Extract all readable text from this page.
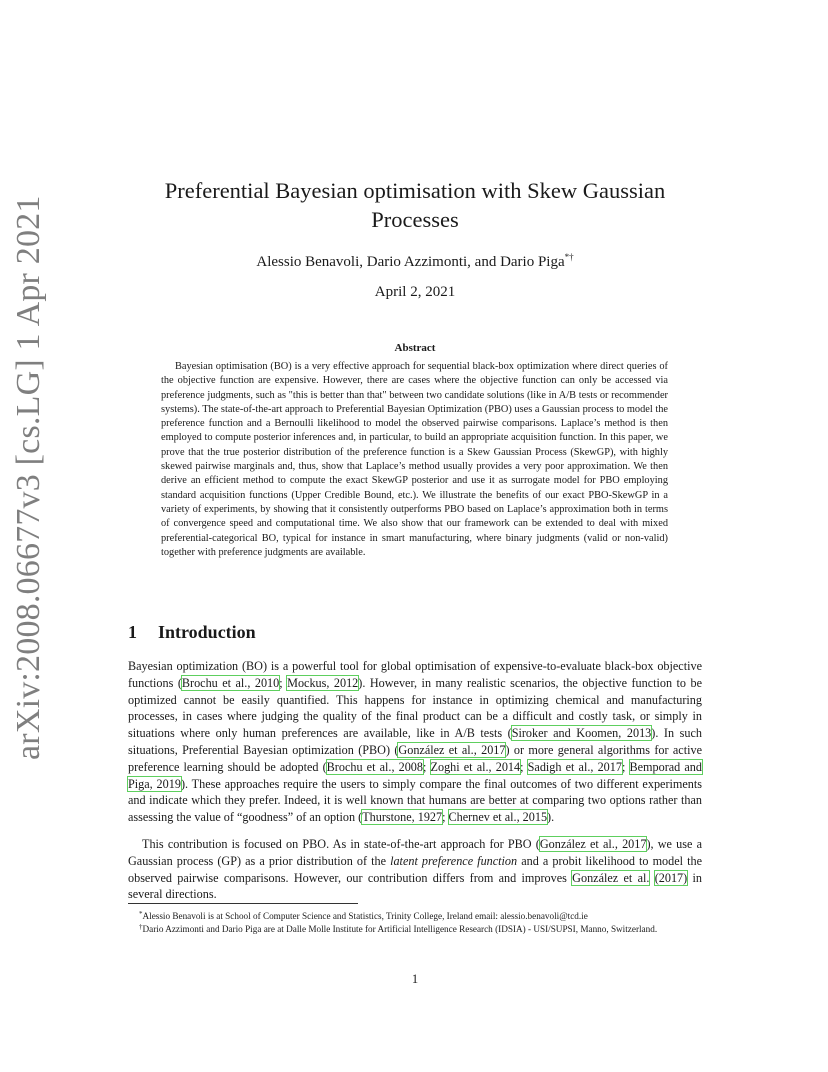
arXiv:2008.06677v3 [cs.LG] 1 Apr 2021
Preferential Bayesian optimisation with Skew Gaussian Processes
Alessio Benavoli, Dario Azzimonti, and Dario Piga*†
April 2, 2021
Abstract

Bayesian optimisation (BO) is a very effective approach for sequential black-box optimization where direct queries of the objective function are expensive. However, there are cases where the objective function can only be accessed via preference judgments, such as "this is better than that" between two candidate solutions (like in A/B tests or recommender systems). The state-of-the-art approach to Preferential Bayesian Optimization (PBO) uses a Gaussian process to model the preference function and a Bernoulli likelihood to model the observed pairwise comparisons. Laplace’s method is then employed to compute posterior inferences and, in particular, to build an appropriate acquisition function. In this paper, we prove that the true posterior distribution of the preference function is a Skew Gaussian Process (SkewGP), with highly skewed pairwise marginals and, thus, show that Laplace’s method usually provides a very poor approximation. We then derive an efficient method to compute the exact SkewGP posterior and use it as surrogate model for PBO employing standard acquisition functions (Upper Credible Bound, etc.). We illustrate the benefits of our exact PBO-SkewGP in a variety of experiments, by showing that it consistently outperforms PBO based on Laplace’s approximation both in terms of convergence speed and computational time. We also show that our framework can be extended to deal with mixed preferential-categorical BO, typical for instance in smart manufacturing, where binary judgments (valid or non-valid) together with preference judgments are available.

1 Introduction

Bayesian optimization (BO) is a powerful tool for global optimisation of expensive-to-evaluate black-box objective functions (Brochu et al., 2010; Mockus, 2012). However, in many realistic scenarios, the objective function to be optimized cannot be easily quantified. This happens for instance in optimizing chemical and manufacturing processes, in cases where judging the quality of the final product can be a difficult and costly task, or simply in situations where only human preferences are available, like in A/B tests (Siroker and Koomen, 2013). In such situations, Preferential Bayesian optimization (PBO) (González et al., 2017) or more general algorithms for active preference learning should be adopted (Brochu et al., 2008; Zoghi et al., 2014; Sadigh et al., 2017; Bemporad and Piga, 2019). These approaches require the users to simply compare the final outcomes of two different experiments and indicate which they prefer. Indeed, it is well known that humans are better at comparing two options rather than assessing the value of “goodness” of an option (Thurstone, 1927; Chernev et al., 2015).

This contribution is focused on PBO. As in state-of-the-art approach for PBO (González et al., 2017), we use a Gaussian process (GP) as a prior distribution of the latent preference function and a probit likelihood to model the observed pairwise comparisons. However, our contribution differs from and improves González et al. (2017) in several directions.

*Alessio Benavoli is at School of Computer Science and Statistics, Trinity College, Ireland email: alessio.benavoli@tcd.ie

†Dario Azzimonti and Dario Piga are at Dalle Molle Institute for Artificial Intelligence Research (IDSIA) - USI/SUPSI, Manno, Switzerland.

1
